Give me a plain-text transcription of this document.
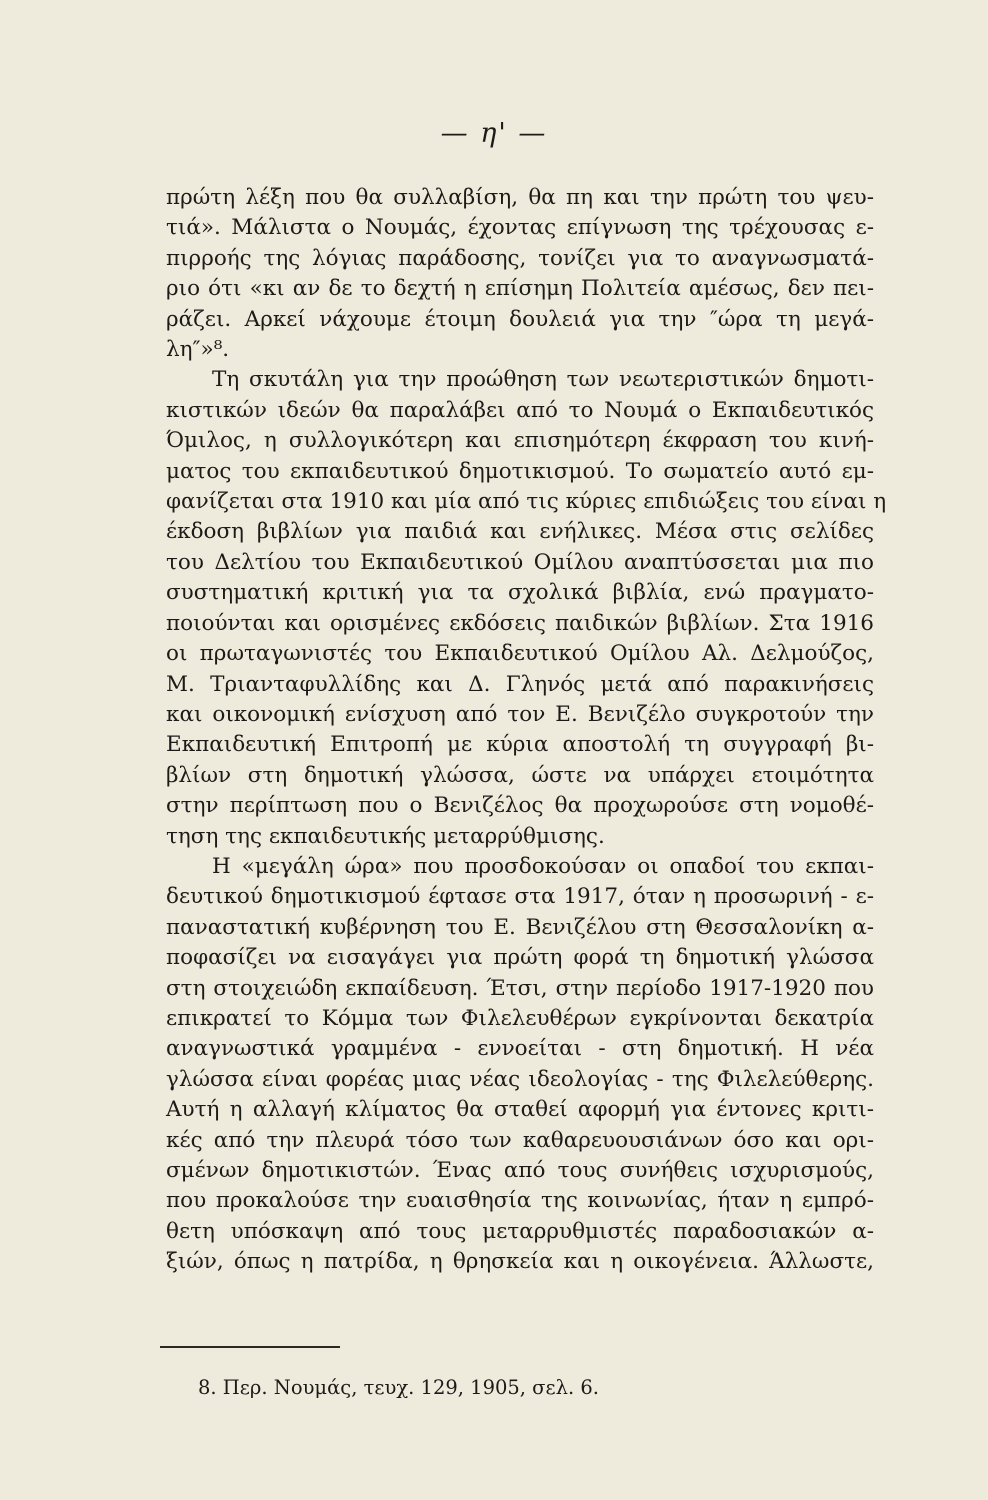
— η' —
πρώτη λέξη που θα συλλαβίση, θα πη και την πρώτη του ψευ-
τιά». Μάλιστα ο Νουμάς, έχοντας επίγνωση της τρέχουσας ε-
πιρροής της λόγιας παράδοσης, τονίζει για το αναγνωσματά-
ριο ότι «κι αν δε το δεχτή η επίσημη Πολιτεία αμέσως, δεν πει-
ράζει. Αρκεί νάχουμε έτοιμη δουλειά για την ″ώρα τη μεγά-
λη″»⁸.
Τη σκυτάλη για την προώθηση των νεωτεριστικών δημοτι-
κιστικών ιδεών θα παραλάβει από το Νουμά ο Εκπαιδευτικός
Όμιλος, η συλλογικότερη και επισημότερη έκφραση του κινή-
ματος του εκπαιδευτικού δημοτικισμού. Το σωματείο αυτό εμ-
φανίζεται στα 1910 και μία από τις κύριες επιδιώξεις του είναι η
έκδοση βιβλίων για παιδιά και ενήλικες. Μέσα στις σελίδες
του Δελτίου του Εκπαιδευτικού Ομίλου αναπτύσσεται μια πιο
συστηματική κριτική για τα σχολικά βιβλία, ενώ πραγματο-
ποιούνται και ορισμένες εκδόσεις παιδικών βιβλίων. Στα 1916
οι πρωταγωνιστές του Εκπαιδευτικού Ομίλου Αλ. Δελμούζος,
Μ. Τριανταφυλλίδης και Δ. Γληνός μετά από παρακινήσεις
και οικονομική ενίσχυση από τον Ε. Βενιζέλο συγκροτούν την
Εκπαιδευτική Επιτροπή με κύρια αποστολή τη συγγραφή βι-
βλίων στη δημοτική γλώσσα, ώστε να υπάρχει ετοιμότητα
στην περίπτωση που ο Βενιζέλος θα προχωρούσε στη νομοθέ-
τηση της εκπαιδευτικής μεταρρύθμισης.
Η «μεγάλη ώρα» που προσδοκούσαν οι οπαδοί του εκπαι-
δευτικού δημοτικισμού έφτασε στα 1917, όταν η προσωρινή - ε-
παναστατική κυβέρνηση του Ε. Βενιζέλου στη Θεσσαλονίκη α-
ποφασίζει να εισαγάγει για πρώτη φορά τη δημοτική γλώσσα
στη στοιχειώδη εκπαίδευση. Έτσι, στην περίοδο 1917-1920 που
επικρατεί το Κόμμα των Φιλελευθέρων εγκρίνονται δεκατρία
αναγνωστικά γραμμένα - εννοείται - στη δημοτική. Η νέα
γλώσσα είναι φορέας μιας νέας ιδεολογίας - της Φιλελεύθερης.
Αυτή η αλλαγή κλίματος θα σταθεί αφορμή για έντονες κριτι-
κές από την πλευρά τόσο των καθαρευουσιάνων όσο και ορι-
σμένων δημοτικιστών. Ένας από τους συνήθεις ισχυρισμούς,
που προκαλούσε την ευαισθησία της κοινωνίας, ήταν η εμπρό-
θετη υπόσκαψη από τους μεταρρυθμιστές παραδοσιακών α-
ξιών, όπως η πατρίδα, η θρησκεία και η οικογένεια. Άλλωστε,
8. Περ. Νουμάς, τευχ. 129, 1905, σελ. 6.
